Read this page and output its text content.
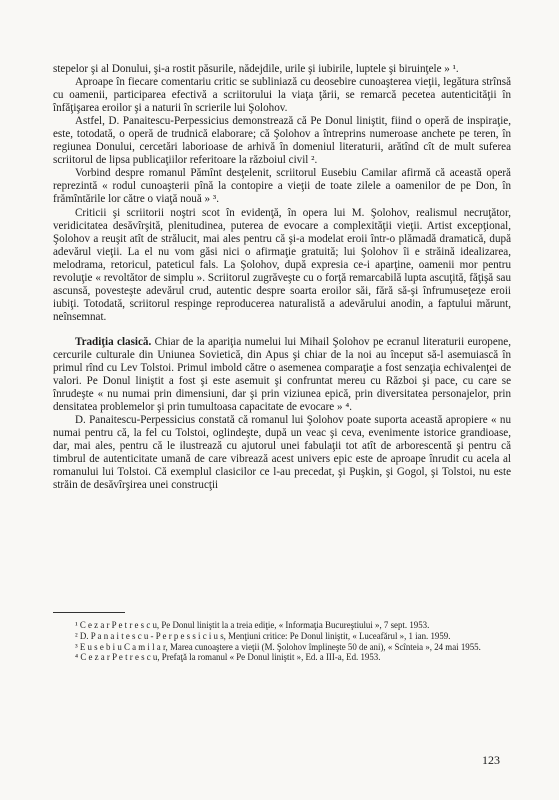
stepelor şi al Donului, şi-a rostit păsurile, nădejdile, urile şi iubirile, luptele şi biruinţele » ¹.

Aproape în fiecare comentariu critic se subliniază cu deosebire cunoaşterea vieţii, legătura strînsă cu oamenii, participarea efectivă a scriitorului la viaţa ţării, se remarcă pecetea autenticităţii în înfăţişarea eroilor şi a naturii în scrierile lui Şolohov.

Astfel, D. Panaitescu-Perpessicius demonstrează că Pe Donul liniştit, fiind o operă de inspiraţie, este, totodată, o operă de trudnică elaborare; că Şolohov a întreprins numeroase anchete pe teren, în regiunea Donului, cercetări laborioase de arhivă în domeniul literaturii, arătînd cît de mult suferea scriitorul de lipsa publicaţiilor referitoare la războiul civil ².

Vorbind despre romanul Pămînt desţelenit, scriitorul Eusebiu Camilar afirmă că această operă reprezintă « rodul cunoaşterii pînă la contopire a vieţii de toate zilele a oamenilor de pe Don, în frămîntările lor către o viaţă nouă » ³.

Criticii şi scriitorii noştri scot în evidenţă, în opera lui M. Şolohov, realismul necruţător, veridicitatea desăvîrşită, plenitudinea, puterea de evocare a complexităţii vieţii. Artist excepţional, Şolohov a reuşit atît de strălucit, mai ales pentru că şi-a modelat eroii într-o plămadă dramatică, după adevărul vieţii. La el nu vom găsi nici o afirmaţie gratuită; lui Şolohov îi e străină idealizarea, melodrama, retoricul, pateticul fals. La Şolohov, după expresia ce-i aparţine, oamenii mor pentru revoluţie « revoltător de simplu ». Scriitorul zugrăveşte cu o forţă remarcabilă lupta ascuţită, făţişă sau ascunsă, povesteşte adevărul crud, autentic despre soarta eroilor săi, fără să-şi înfrumuseţeze eroii iubiţi. Totodată, scriitorul respinge reproducerea naturalistă a adevărului anodin, a faptului mărunt, neînsemnat.

Tradiţia clasică. Chiar de la apariţia numelui lui Mihail Şolohov pe ecranul literaturii europene, cercurile culturale din Uniunea Sovietică, din Apus şi chiar de la noi au început să-l asemuiască în primul rînd cu Lev Tolstoi. Primul imbold către o asemenea comparaţie a fost senzaţia echivalenţei de valori. Pe Donul liniştit a fost şi este asemuit şi confruntat mereu cu Război şi pace, cu care se înrudeşte « nu numai prin dimensiuni, dar şi prin viziunea epică, prin diversitatea personajelor, prin densitatea problemelor şi prin tumultoasa capacitate de evocare » ⁴.

D. Panaitescu-Perpessicius constată că romanul lui Şolohov poate suporta această apropiere « nu numai pentru că, la fel cu Tolstoi, oglindeşte, după un veac şi ceva, evenimente istorice grandioase, dar, mai ales, pentru că le ilustrează cu ajutorul unei fabulaţii tot atît de arborescentă şi pentru că timbrul de autenticitate umană de care vibrează acest univers epic este de aproape înrudit cu acela al romanului lui Tolstoi. Că exemplul clasicilor ce l-au precedat, şi Puşkin, şi Gogol, şi Tolstoi, nu este străin de desăvîrşirea unei construcţii

¹ C e z a r P e t r e s c u, Pe Donul liniştit la a treia ediţie, « Informaţia Bucureştiului », 7 sept. 1953.

² D. P a n a i t e s c u - P e r p e s s i c i u s, Menţiuni critice: Pe Donul liniştit, « Luceafărul », 1 ian. 1959.

³ E u s e b i u C a m i l a r, Marea cunoaştere a vieţii (M. Şolohov împlineşte 50 de ani), « Scînteia », 24 mai 1955.

⁴ C e z a r P e t r e s c u, Prefaţă la romanul « Pe Donul liniştit », Ed. a III-a, Ed. 1953.

123
